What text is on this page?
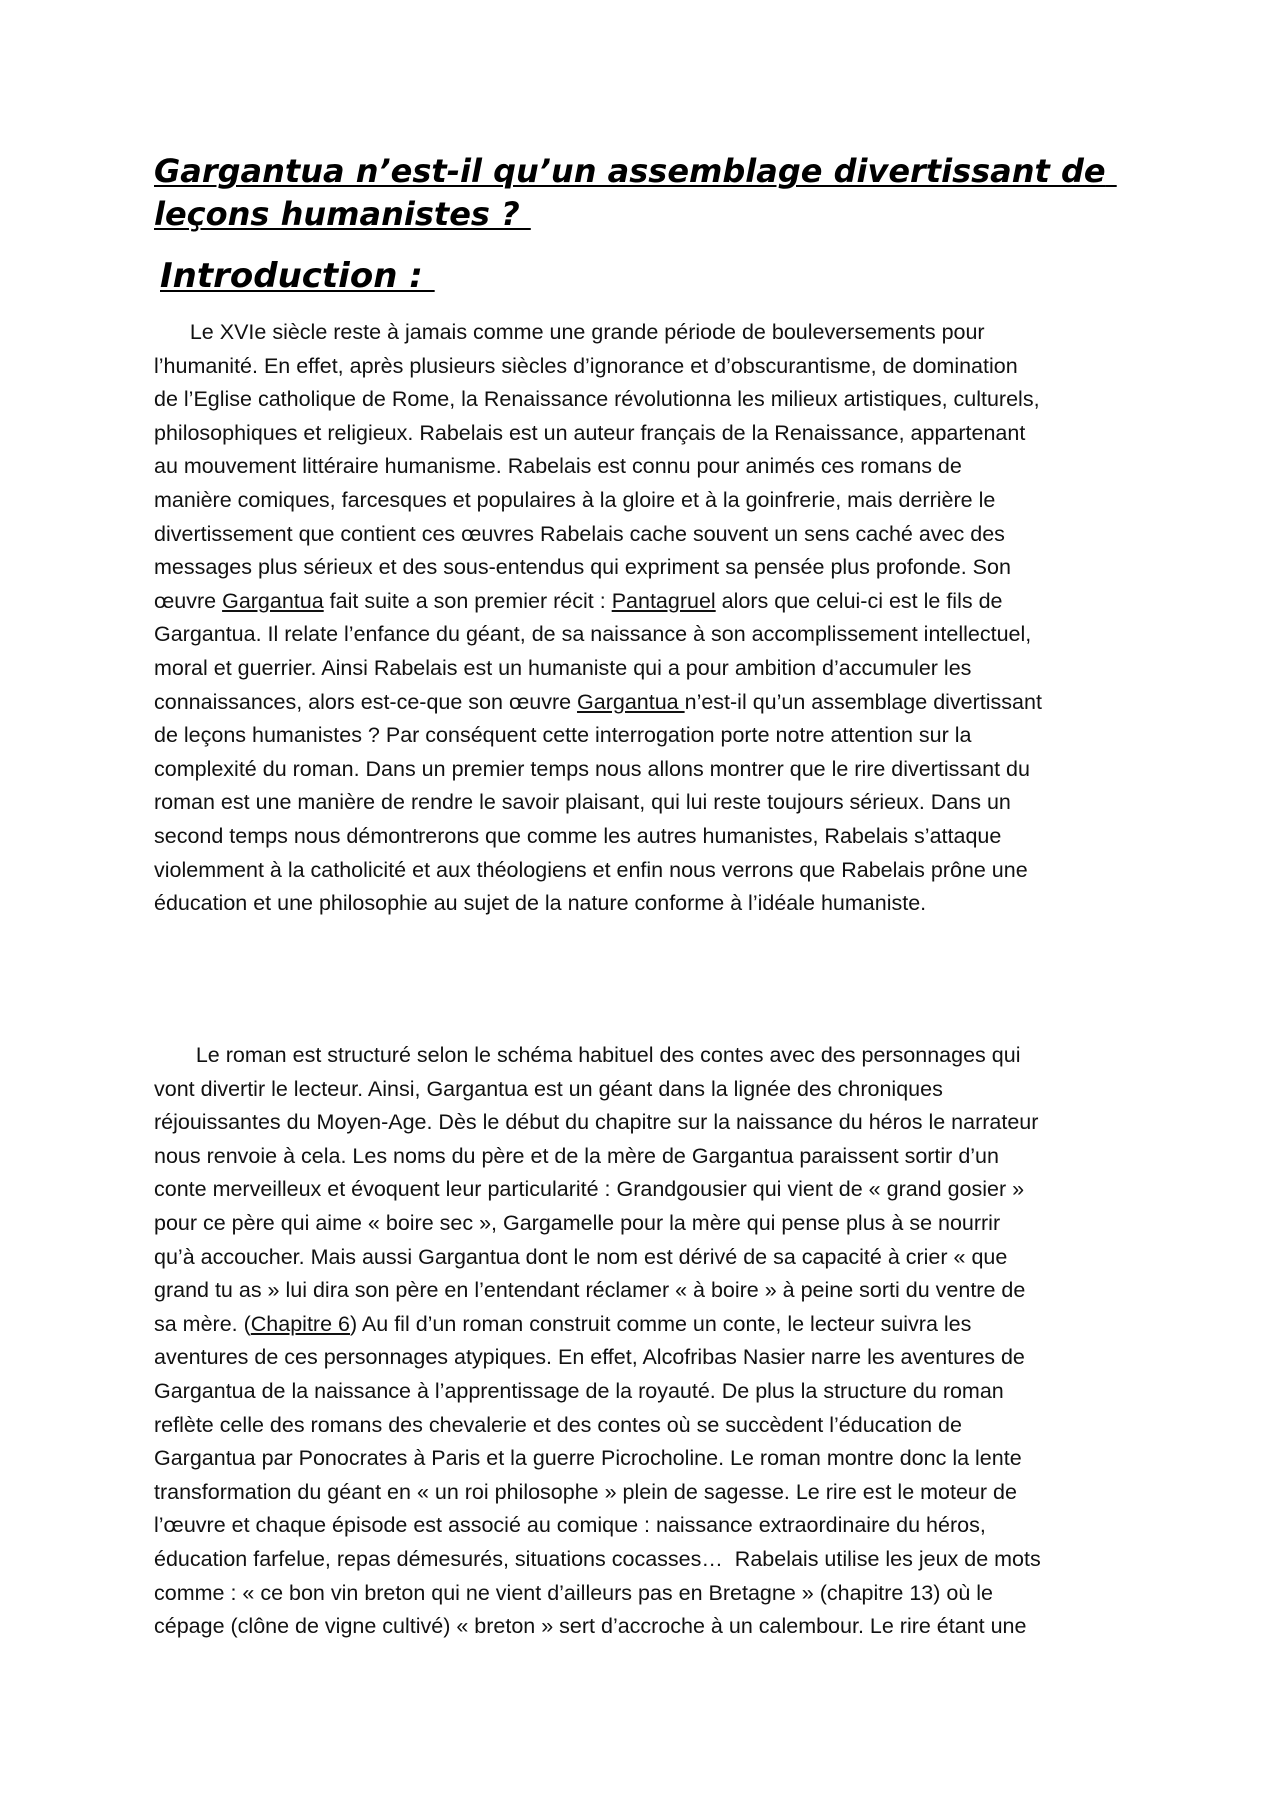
Gargantua n’est-il qu’un assemblage divertissant de leçons humanistes ?
Introduction :
Le XVIe siècle reste à jamais comme une grande période de bouleversements pour
l’humanité. En effet, après plusieurs siècles d’ignorance et d’obscurantisme, de domination
de l’Eglise catholique de Rome, la Renaissance révolutionna les milieux artistiques, culturels,
philosophiques et religieux. Rabelais est un auteur français de la Renaissance, appartenant
au mouvement littéraire humanisme. Rabelais est connu pour animés ces romans de
manière comiques, farcesques et populaires à la gloire et à la goinfrerie, mais derrière le
divertissement que contient ces œuvres Rabelais cache souvent un sens caché avec des
messages plus sérieux et des sous-entendus qui expriment sa pensée plus profonde. Son
œuvre Gargantua fait suite a son premier récit : Pantagruel alors que celui-ci est le fils de
Gargantua. Il relate l’enfance du géant, de sa naissance à son accomplissement intellectuel,
moral et guerrier. Ainsi Rabelais est un humaniste qui a pour ambition d’accumuler les
connaissances, alors est-ce-que son œuvre Gargantua n’est-il qu’un assemblage divertissant
de leçons humanistes ? Par conséquent cette interrogation porte notre attention sur la
complexité du roman. Dans un premier temps nous allons montrer que le rire divertissant du
roman est une manière de rendre le savoir plaisant, qui lui reste toujours sérieux. Dans un
second temps nous démontrerons que comme les autres humanistes, Rabelais s’attaque
violemment à la catholicité et aux théologiens et enfin nous verrons que Rabelais prône une
éducation et une philosophie au sujet de la nature conforme à l’idéale humaniste.
Le roman est structuré selon le schéma habituel des contes avec des personnages qui
vont divertir le lecteur. Ainsi, Gargantua est un géant dans la lignée des chroniques
réjouissantes du Moyen-Age. Dès le début du chapitre sur la naissance du héros le narrateur
nous renvoie à cela. Les noms du père et de la mère de Gargantua paraissent sortir d’un
conte merveilleux et évoquent leur particularité : Grandgousier qui vient de « grand gosier »
pour ce père qui aime « boire sec », Gargamelle pour la mère qui pense plus à se nourrir
qu’à accoucher. Mais aussi Gargantua dont le nom est dérivé de sa capacité à crier « que
grand tu as » lui dira son père en l’entendant réclamer « à boire » à peine sorti du ventre de
sa mère. (Chapitre 6) Au fil d’un roman construit comme un conte, le lecteur suivra les
aventures de ces personnages atypiques. En effet, Alcofribas Nasier narre les aventures de
Gargantua de la naissance à l’apprentissage de la royauté. De plus la structure du roman
reflète celle des romans des chevalerie et des contes où se succèdent l’éducation de
Gargantua par Ponocrates à Paris et la guerre Picrocholine. Le roman montre donc la lente
transformation du géant en « un roi philosophe » plein de sagesse. Le rire est le moteur de
l’œuvre et chaque épisode est associé au comique : naissance extraordinaire du héros,
éducation farfelue, repas démesurés, situations cocasses…  Rabelais utilise les jeux de mots
comme : « ce bon vin breton qui ne vient d’ailleurs pas en Bretagne » (chapitre 13) où le
cépage (clône de vigne cultivé) « breton » sert d’accroche à un calembour. Le rire étant une
